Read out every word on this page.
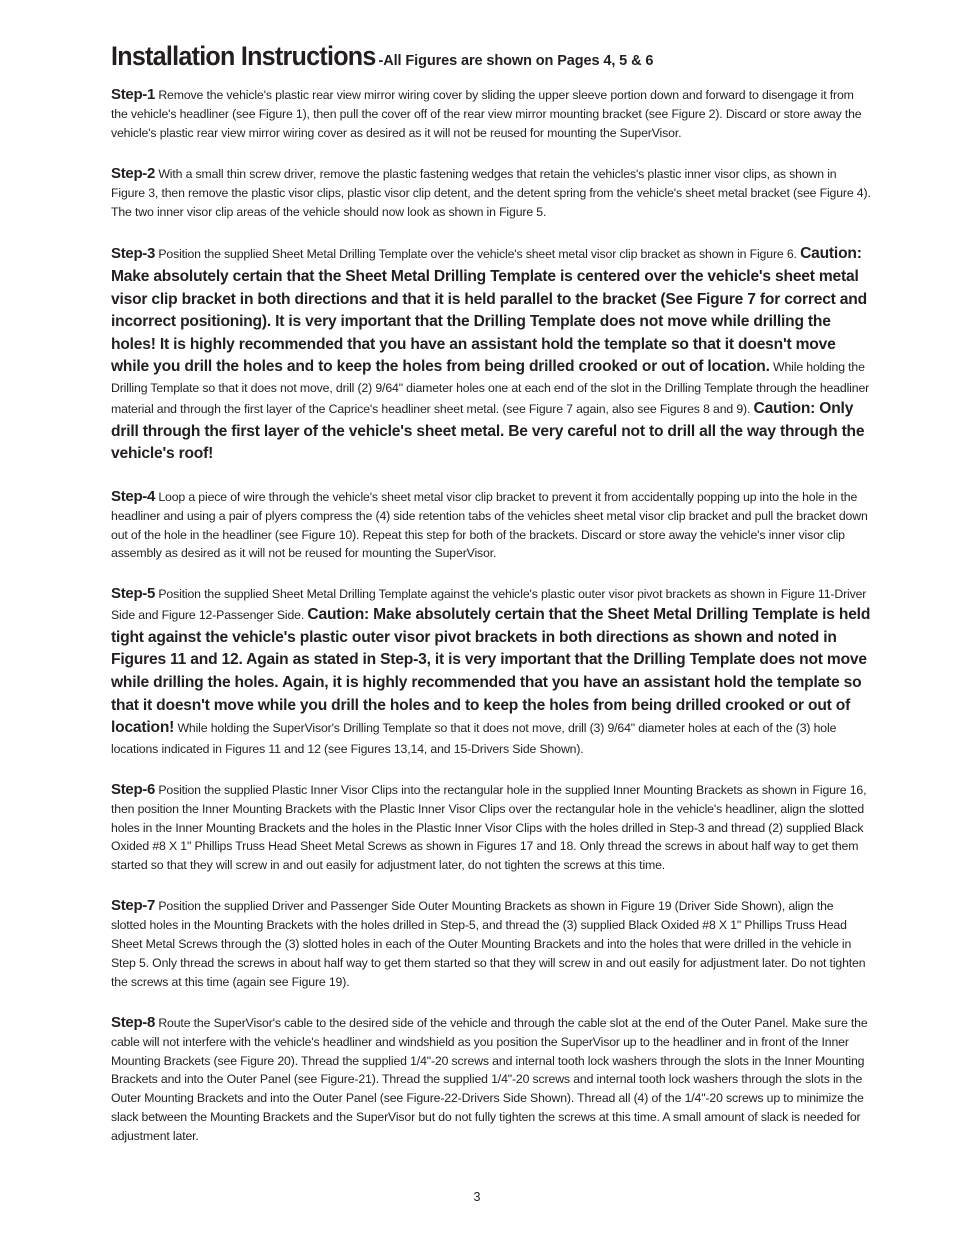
Installation Instructions -All Figures are shown on Pages 4, 5 & 6

Step-1 Remove the vehicle's plastic rear view mirror wiring cover by sliding the upper sleeve portion down and forward to disengage it from the vehicle's headliner (see Figure 1), then pull the cover off of the rear view mirror mounting bracket (see Figure 2). Discard or store away the vehicle's plastic rear view mirror wiring cover as desired as it will not be reused for mounting the SuperVisor.

Step-2 With a small thin screw driver, remove the plastic fastening wedges that retain the vehicles's plastic inner visor clips, as shown in Figure 3, then remove the plastic visor clips, plastic visor clip detent, and the detent spring from the vehicle's sheet metal bracket (see Figure 4). The two inner visor clip areas of the vehicle should now look as shown in Figure 5.

Step-3 Position the supplied Sheet Metal Drilling Template over the vehicle's sheet metal visor clip bracket as shown in Figure 6. Caution: Make absolutely certain that the Sheet Metal Drilling Template is centered over the vehicle's sheet metal visor clip bracket in both directions and that it is held parallel to the bracket (See Figure 7 for correct and incorrect positioning). It is very important that the Drilling Template does not move while drilling the holes! It is highly recommended that you have an assistant hold the template so that it doesn't move while you drill the holes and to keep the holes from being drilled crooked or out of location. While holding the Drilling Template so that it does not move, drill (2) 9/64" diameter holes one at each end of the slot in the Drilling Template through the headliner material and through the first layer of the Caprice's headliner sheet metal. (see Figure 7 again, also see Figures 8 and 9). Caution: Only drill through the first layer of the vehicle's sheet metal. Be very careful not to drill all the way through the vehicle's roof!

Step-4 Loop a piece of wire through the vehicle's sheet metal visor clip bracket to prevent it from accidentally popping up into the hole in the headliner and using a pair of plyers compress the (4) side retention tabs of the vehicles sheet metal visor clip bracket and pull the bracket down out of the hole in the headliner (see Figure 10). Repeat this step for both of the brackets. Discard or store away the vehicle's inner visor clip assembly as desired as it will not be reused for mounting the SuperVisor.

Step-5 Position the supplied Sheet Metal Drilling Template against the vehicle's plastic outer visor pivot brackets as shown in Figure 11-Driver Side and Figure 12-Passenger Side. Caution: Make absolutely certain that the Sheet Metal Drilling Template is held tight against the vehicle's plastic outer visor pivot brackets in both directions as shown and noted in Figures 11 and 12. Again as stated in Step-3, it is very important that the Drilling Template does not move while drilling the holes. Again, it is highly recommended that you have an assistant hold the template so that it doesn't move while you drill the holes and to keep the holes from being drilled crooked or out of location! While holding the SuperVisor's Drilling Template so that it does not move, drill (3) 9/64" diameter holes at each of the (3) hole locations indicated in Figures 11 and 12 (see Figures 13,14, and 15-Drivers Side Shown).

Step-6 Position the supplied Plastic Inner Visor Clips into the rectangular hole in the supplied Inner Mounting Brackets as shown in Figure 16, then position the Inner Mounting Brackets with the Plastic Inner Visor Clips over the rectangular hole in the vehicle's headliner, align the slotted holes in the Inner Mounting Brackets and the holes in the Plastic Inner Visor Clips with the holes drilled in Step-3 and thread (2) supplied Black Oxided #8 X 1" Phillips Truss Head Sheet Metal Screws as shown in Figures 17 and 18. Only thread the screws in about half way to get them started so that they will screw in and out easily for adjustment later, do not tighten the screws at this time.

Step-7 Position the supplied Driver and Passenger Side Outer Mounting Brackets as shown in Figure 19 (Driver Side Shown), align the slotted holes in the Mounting Brackets with the holes drilled in Step-5, and thread the (3) supplied Black Oxided #8 X 1" Phillips Truss Head Sheet Metal Screws through the (3) slotted holes in each of the Outer Mounting Brackets and into the holes that were drilled in the vehicle in Step 5. Only thread the screws in about half way to get them started so that they will screw in and out easily for adjustment later. Do not tighten the screws at this time (again see Figure 19).

Step-8 Route the SuperVisor's cable to the desired side of the vehicle and through the cable slot at the end of the Outer Panel. Make sure the cable will not interfere with the vehicle's headliner and windshield as you position the SuperVisor up to the headliner and in front of the Inner Mounting Brackets (see Figure 20). Thread the supplied 1/4"-20 screws and internal tooth lock washers through the slots in the Inner Mounting Brackets and into the Outer Panel (see Figure-21). Thread the supplied 1/4"-20 screws and internal tooth lock washers through the slots in the Outer Mounting Brackets and into the Outer Panel (see Figure-22-Drivers Side Shown). Thread all (4) of the 1/4"-20 screws up to minimize the slack between the Mounting Brackets and the SuperVisor but do not fully tighten the screws at this time. A small amount of slack is needed for adjustment later.

3
